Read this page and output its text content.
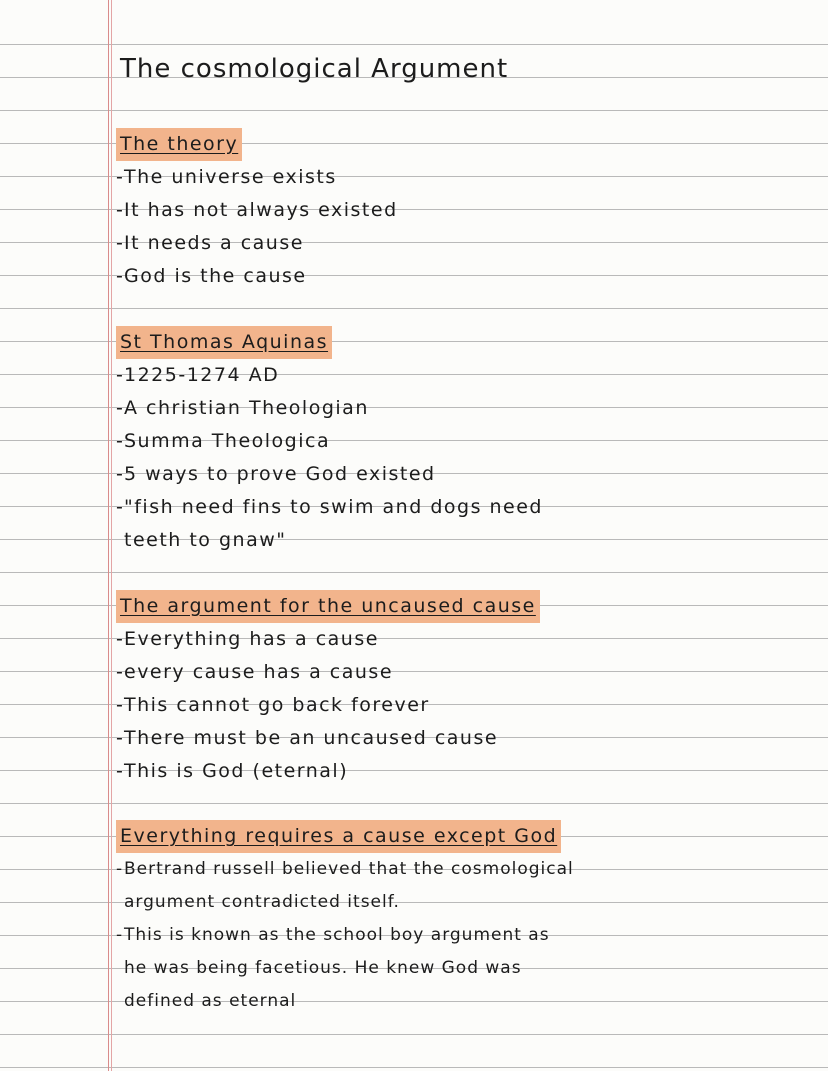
The cosmological Argument
The theory
-The universe exists
-It has not always existed
-It needs a cause
-God is the cause
St Thomas Aquinas
-1225-1274 AD
-A christian Theologian
-Summa Theologica
-5 ways to prove God existed
-"fish need fins to swim and dogs need
teeth to gnaw"
The argument for the uncaused cause
-Everything has a cause
-every cause has a cause
-This cannot go back forever
-There must be an uncaused cause
-This is God (eternal)
Everything requires a cause except God
-Bertrand russell believed that the cosmological
argument contradicted itself.
-This is known as the school boy argument as
he was being facetious. He knew God was
defined as eternal
